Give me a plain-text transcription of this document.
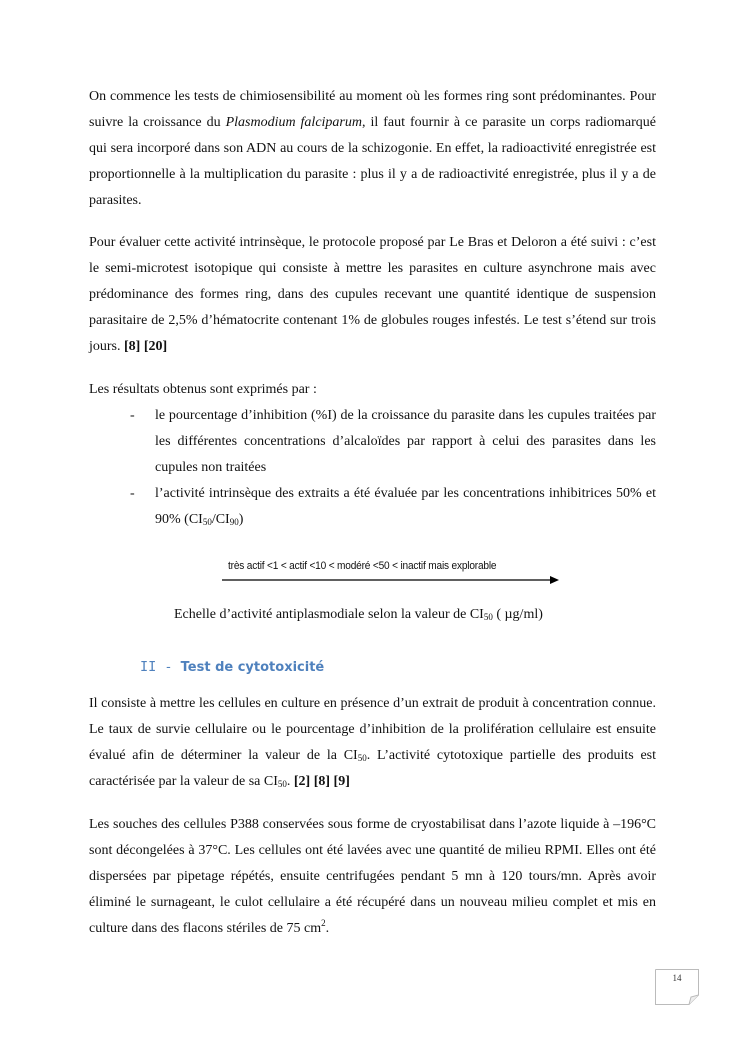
On commence les tests de chimiosensibilité au moment où les formes ring sont prédominantes. Pour suivre la croissance du Plasmodium falciparum, il faut fournir à ce parasite un corps radiomarqué qui sera incorporé dans son ADN au cours de la schizogonie. En effet, la radioactivité enregistrée est proportionnelle à la multiplication du parasite : plus il y a de radioactivité enregistrée, plus il y a de parasites.

Pour évaluer cette activité intrinsèque, le protocole proposé par Le Bras et Deloron a été suivi : c’est le semi-microtest isotopique qui consiste à mettre les parasites en culture asynchrone mais avec prédominance des formes ring, dans des cupules recevant une quantité identique de suspension parasitaire de 2,5% d’hématocrite contenant 1% de globules rouges infestés. Le test s’étend sur trois jours. [8] [20]

Les résultats obtenus sont exprimés par :

- le pourcentage d’inhibition (%I) de la croissance du parasite dans les cupules traitées par les différentes concentrations d’alcaloïdes par rapport à celui des parasites dans les cupules non traitées
- l’activité intrinsèque des extraits a été évaluée par les concentrations inhibitrices 50% et 90% $(CI_{50}/CI_{90})$
très actif <1 < actif <10 < modéré <50 < inactif mais explorable
Echelle d’activité antiplasmodiale selon la valeur de $CI_{50}$ ( µg/ml)
II - Test de cytotoxicité

Il consiste à mettre les cellules en culture en présence d’un extrait de produit à concentration connue. Le taux de survie cellulaire ou le pourcentage d’inhibition de la prolifération cellulaire est ensuite évalué afin de déterminer la valeur de la $CI_{50}$. L’activité cytotoxique partielle des produits est caractérisée par la valeur de sa $CI_{50}$. [2] [8] [9]

Les souches des cellules P388 conservées sous forme de cryostabilisat dans l’azote liquide à –196°C sont décongelées à 37°C. Les cellules ont été lavées avec une quantité de milieu RPMI. Elles ont été dispersées par pipetage répétés, ensuite centrifugées pendant 5 mn à 120 tours/mn. Après avoir éliminé le surnageant, le culot cellulaire a été récupéré dans un nouveau milieu complet et mis en culture dans des flacons stériles de 75 $cm^2$.

14
